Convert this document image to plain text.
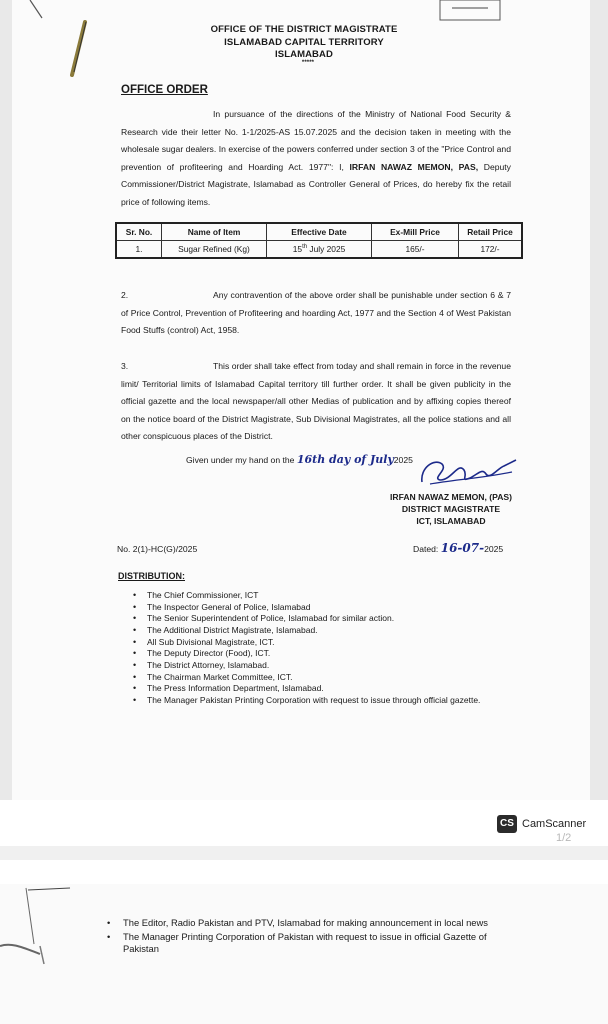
OFFICE OF THE DISTRICT MAGISTRATE
ISLAMABAD CAPITAL TERRITORY
ISLAMABAD
*****
OFFICE ORDER
In pursuance of the directions of the Ministry of National Food Security & Research vide their letter No. 1-1/2025-AS 15.07.2025 and the decision taken in meeting with the wholesale sugar dealers. In exercise of the powers conferred under section 3 of the "Price Control and prevention of profiteering and Hoarding Act. 1977": I, IRFAN NAWAZ MEMON, PAS, Deputy Commissioner/District Magistrate, Islamabad as Controller General of Prices, do hereby fix the retail price of following items.
Sr. No.	Name of Item	Effective Date	Ex-Mill Price	Retail Price
1.	Sugar Refined (Kg)	15th July 2025	165/-	172/-
2.	Any contravention of the above order shall be punishable under section 6 & 7 of Price Control, Prevention of Profiteering and hoarding Act, 1977 and the Section 4 of West Pakistan Food Stuffs (control) Act, 1958.
3.	This order shall take effect from today and shall remain in force in the revenue limit/ Territorial limits of Islamabad Capital territory till further order. It shall be given publicity in the official gazette and the local newspaper/all other Medias of publication and by affixing copies thereof on the notice board of the District Magistrate, Sub Divisional Magistrates, all the police stations and all other conspicuous places of the District.
Given under my hand on the 16th day of July2025
IRFAN NAWAZ MEMON, (PAS)
DISTRICT MAGISTRATE
ICT, ISLAMABAD
No. 2(1)-HC(G)/2025	Dated: 16-07-2025
DISTRIBUTION:
• The Chief Commissioner, ICT
• The Inspector General of Police, Islamabad
• The Senior Superintendent of Police, Islamabad for similar action.
• The Additional District Magistrate, Islamabad.
• All Sub Divisional Magistrate, ICT.
• The Deputy Director (Food), ICT.
• The District Attorney, Islamabad.
• The Chairman Market Committee, ICT.
• The Press Information Department, Islamabad.
• The Manager Pakistan Printing Corporation with request to issue through official gazette.
CS CamScanner
1/2
• The Editor, Radio Pakistan and PTV, Islamabad for making announcement in local news
• The Manager Printing Corporation of Pakistan with request to issue in official Gazette of Pakistan
